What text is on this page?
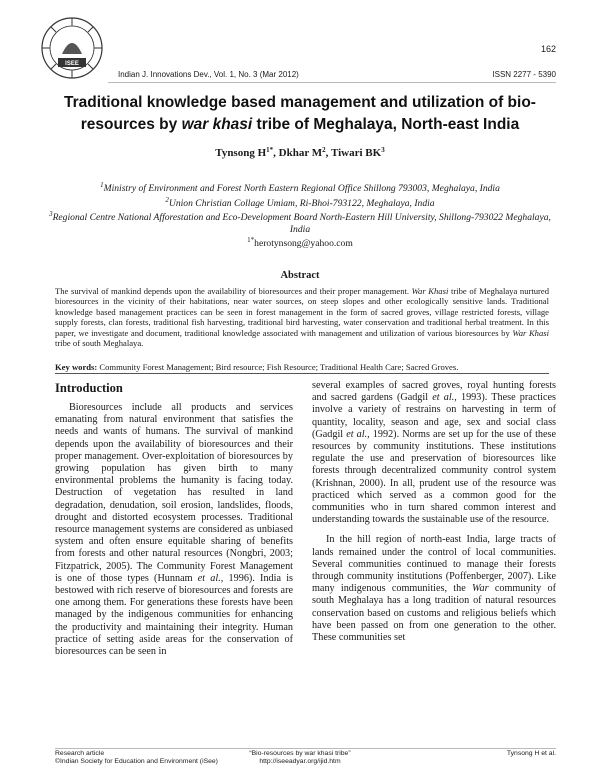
ISEE
162
Indian J. Innovations Dev., Vol. 1, No. 3 (Mar 2012)	ISSN 2277 - 5390
Traditional knowledge based management and utilization of bio-resources by war khasi tribe of Meghalaya, North-east India
Tynsong $H^{1*}$, Dkhar $M^2$, Tiwari $BK^3$
$^1$Ministry of Environment and Forest North Eastern Regional Office Shillong 793003, Meghalaya, India
$^2$Union Christian Collage Umiam, Ri-Bhoi-793122, Meghalaya, India
$^3$Regional Centre National Afforestation and Eco-Development Board North-Eastern Hill University, Shillong-793022 Meghalaya, India
$^{1*}$herotynsong@yahoo.com
Abstract
The survival of mankind depends upon the availability of bioresources and their proper management. War Khasi tribe of Meghalaya nurtured bioresources in the vicinity of their habitations, near water sources, on steep slopes and other ecologically sensitive lands. Traditional knowledge based management practices can be seen in forest management in the form of sacred groves, village restricted forests, village supply forests, clan forests, traditional fish harvesting, traditional bird harvesting, water conservation and traditional herbal treatment. In this paper, we investigate and document, traditional knowledge associated with management and utilization of various bioresources by War Khasi tribe of south Meghalaya.
Key words: Community Forest Management; Bird resource; Fish Resource; Traditional Health Care; Sacred Groves.
Introduction

Bioresources include all products and services emanating from natural environment that satisfies the needs and wants of humans. The survival of mankind depends upon the availability of bioresources and their proper management. Over-exploitation of bioresources by growing population has given birth to many environmental problems the humanity is facing today. Destruction of vegetation has resulted in land degradation, denudation, soil erosion, landslides, floods, drought and distorted ecosystem processes. Traditional resource management systems are considered as unbiased system and often ensure equitable sharing of benefits from forests and other natural resources (Nongbri, 2003; Fitzpatrick, 2005). The Community Forest Management is one of those types (Hunnam et al., 1996). India is bestowed with rich reserve of bioresources and forests are one among them. For generations these forests have been managed by the indigenous communities for enhancing the productivity and maintaining their integrity. Human practice of setting aside areas for the conservation of bioresources can be seen in

several examples of sacred groves, royal hunting forests and sacred gardens (Gadgil et al., 1993). These practices involve a variety of restrains on harvesting in term of quantity, locality, season and age, sex and social class (Gadgil et al., 1992). Norms are set up for the use of these resources by community institutions. These institutions regulate the use and preservation of bioresources like forests through decentralized community control system (Krishnan, 2000). In all, prudent use of the resource was practiced which served as a common good for the communities who in turn shared common interest and understanding towards the sustainable use of the resource.

In the hill region of north-east India, large tracts of lands remained under the control of local communities. Several communities continued to manage their forests through community institutions (Poffenberger, 2007). Like many indigenous communities, the War community of south Meghalaya has a long tradition of natural resources conservation based on customs and religious beliefs which have been passed on from one generation to the other. These communities set

Research article
©Indian Society for Education and Environment (iSee)
“Bio-resources by war khasi tribe”
http://iseeadyar.org/ijid.htm
Tynsong H et al.
